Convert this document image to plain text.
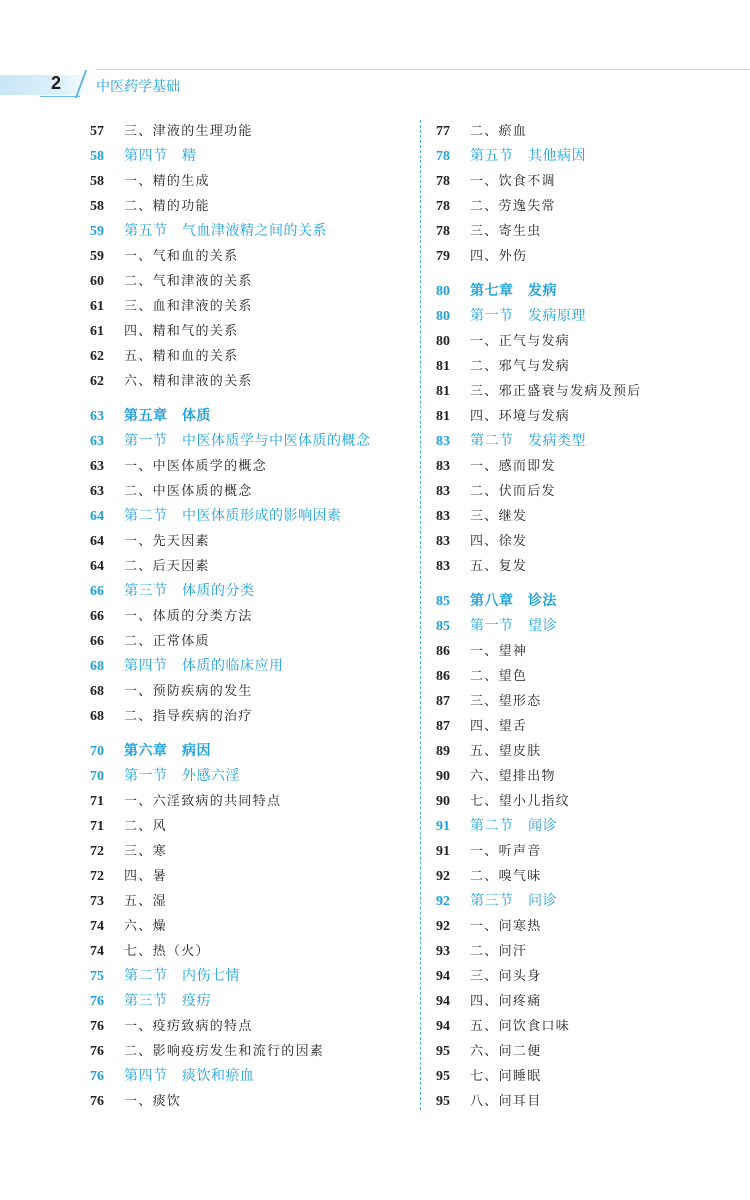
2 中医药学基础
57	三、津液的生理功能
58	第四节　精
58	一、精的生成
58	二、精的功能
59	第五节　气血津液精之间的关系
59	一、气和血的关系
60	二、气和津液的关系
61	三、血和津液的关系
61	四、精和气的关系
62	五、精和血的关系
62	六、精和津液的关系
63	第五章　体质
63	第一节　中医体质学与中医体质的概念
63	一、中医体质学的概念
63	二、中医体质的概念
64	第二节　中医体质形成的影响因素
64	一、先天因素
64	二、后天因素
66	第三节　体质的分类
66	一、体质的分类方法
66	二、正常体质
68	第四节　体质的临床应用
68	一、预防疾病的发生
68	二、指导疾病的治疗
70	第六章　病因
70	第一节　外感六淫
71	一、六淫致病的共同特点
71	二、风
72	三、寒
72	四、暑
73	五、湿
74	六、燥
74	七、热（火）
75	第二节　内伤七情
76	第三节　疫疠
76	一、疫疠致病的特点
76	二、影响疫疠发生和流行的因素
76	第四节　痰饮和瘀血
76	一、痰饮
77	二、瘀血
78	第五节　其他病因
78	一、饮食不调
78	二、劳逸失常
78	三、寄生虫
79	四、外伤
80	第七章　发病
80	第一节　发病原理
80	一、正气与发病
81	二、邪气与发病
81	三、邪正盛衰与发病及预后
81	四、环境与发病
83	第二节　发病类型
83	一、感而即发
83	二、伏而后发
83	三、继发
83	四、徐发
83	五、复发
85	第八章　诊法
85	第一节　望诊
86	一、望神
86	二、望色
87	三、望形态
87	四、望舌
89	五、望皮肤
90	六、望排出物
90	七、望小儿指纹
91	第二节　闻诊
91	一、听声音
92	二、嗅气味
92	第三节　问诊
92	一、问寒热
93	二、问汗
94	三、问头身
94	四、问疼痛
94	五、问饮食口味
95	六、问二便
95	七、问睡眠
95	八、问耳目
